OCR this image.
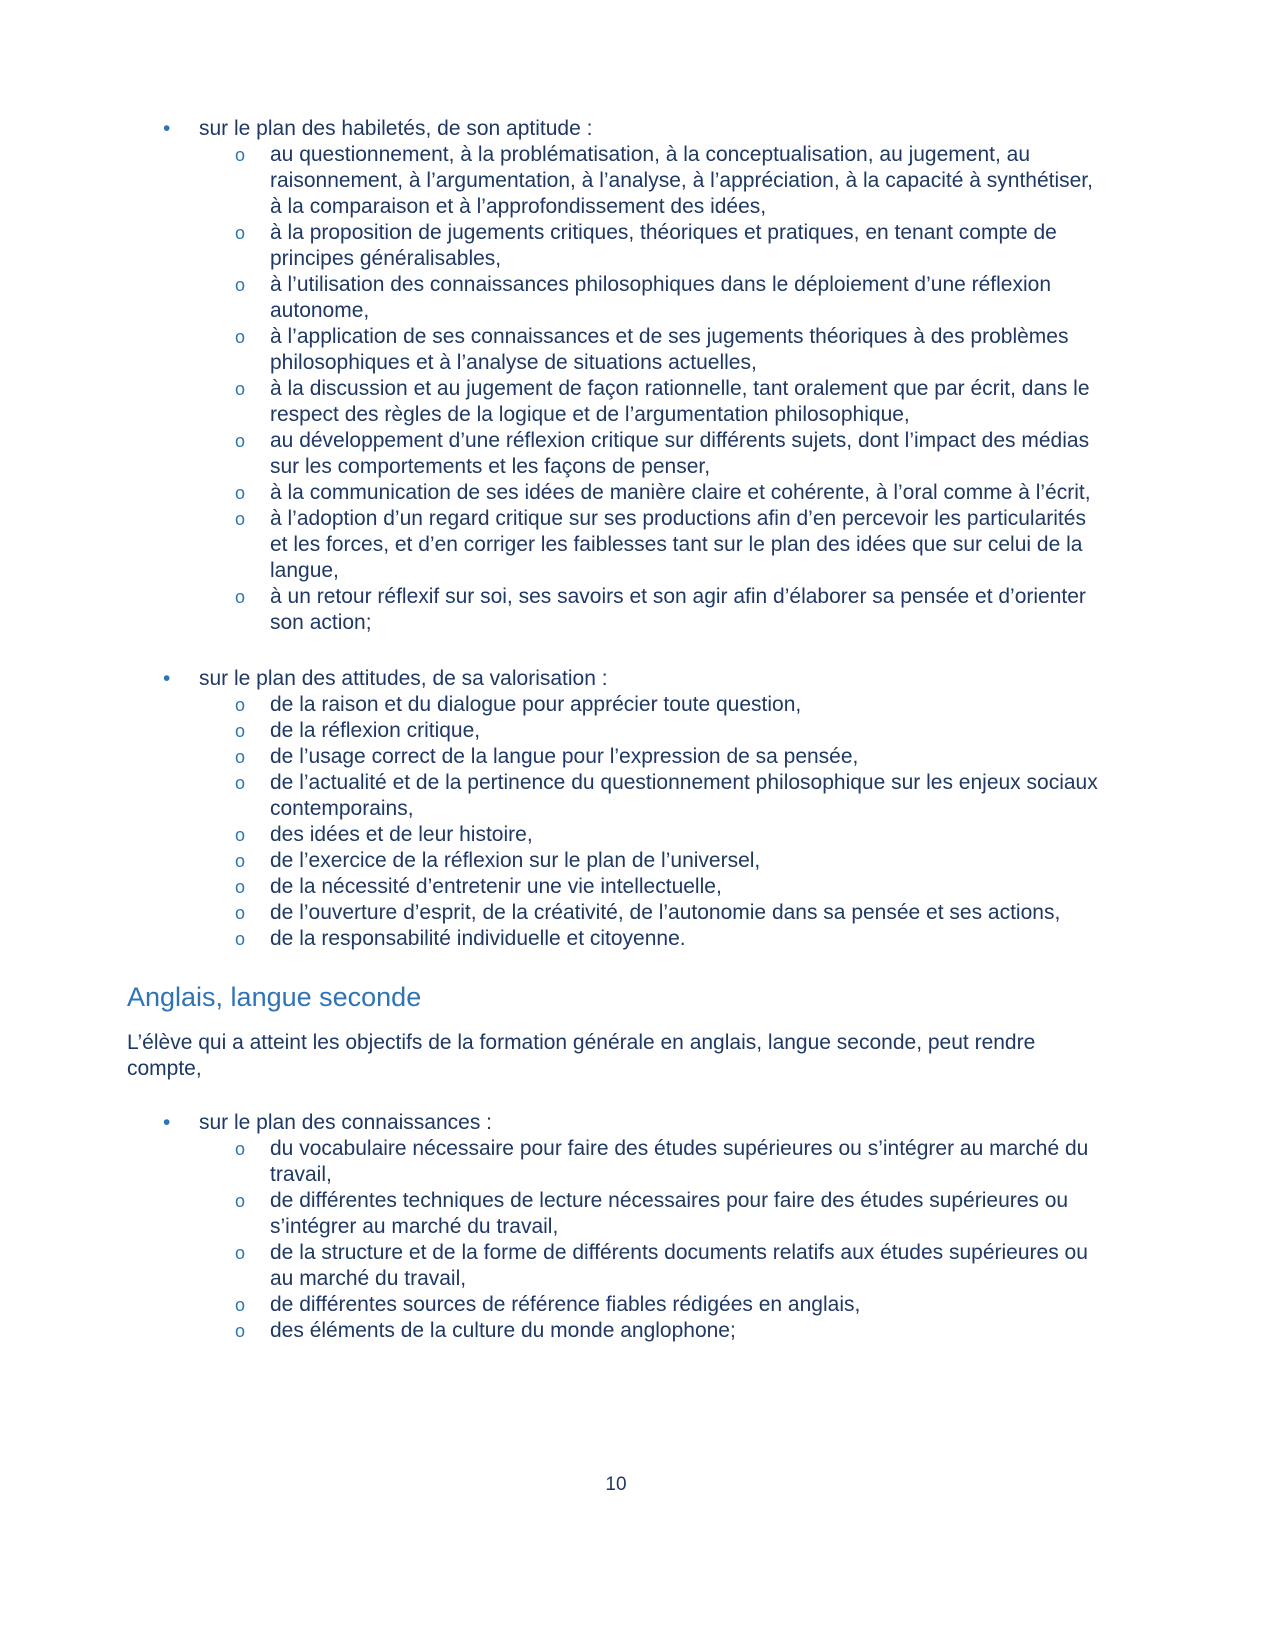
•	sur le plan des habiletés, de son aptitude :
o	au questionnement, à la problématisation, à la conceptualisation, au jugement, au raisonnement, à l’argumentation, à l’analyse, à l’appréciation, à la capacité à synthétiser, à la comparaison et à l’approfondissement des idées,
o	à la proposition de jugements critiques, théoriques et pratiques, en tenant compte de principes généralisables,
o	à l’utilisation des connaissances philosophiques dans le déploiement d’une réflexion autonome,
o	à l’application de ses connaissances et de ses jugements théoriques à des problèmes philosophiques et à l’analyse de situations actuelles,
o	à la discussion et au jugement de façon rationnelle, tant oralement que par écrit, dans le respect des règles de la logique et de l’argumentation philosophique,
o	au développement d’une réflexion critique sur différents sujets, dont l’impact des médias sur les comportements et les façons de penser,
o	à la communication de ses idées de manière claire et cohérente, à l’oral comme à l’écrit,
o	à l’adoption d’un regard critique sur ses productions afin d’en percevoir les particularités et les forces, et d’en corriger les faiblesses tant sur le plan des idées que sur celui de la langue,
o	à un retour réflexif sur soi, ses savoirs et son agir afin d’élaborer sa pensée et d’orienter son action;
•	sur le plan des attitudes, de sa valorisation :
o	de la raison et du dialogue pour apprécier toute question,
o	de la réflexion critique,
o	de l’usage correct de la langue pour l’expression de sa pensée,
o	de l’actualité et de la pertinence du questionnement philosophique sur les enjeux sociaux contemporains,
o	des idées et de leur histoire,
o	de l’exercice de la réflexion sur le plan de l’universel,
o	de la nécessité d’entretenir une vie intellectuelle,
o	de l’ouverture d’esprit, de la créativité, de l’autonomie dans sa pensée et ses actions,
o	de la responsabilité individuelle et citoyenne.
Anglais, langue seconde

L’élève qui a atteint les objectifs de la formation générale en anglais, langue seconde, peut rendre compte,

•	sur le plan des connaissances :
o	du vocabulaire nécessaire pour faire des études supérieures ou s’intégrer au marché du travail,
o	de différentes techniques de lecture nécessaires pour faire des études supérieures ou s’intégrer au marché du travail,
o	de la structure et de la forme de différents documents relatifs aux études supérieures ou au marché du travail,
o	de différentes sources de référence fiables rédigées en anglais,
o	des éléments de la culture du monde anglophone;
10
